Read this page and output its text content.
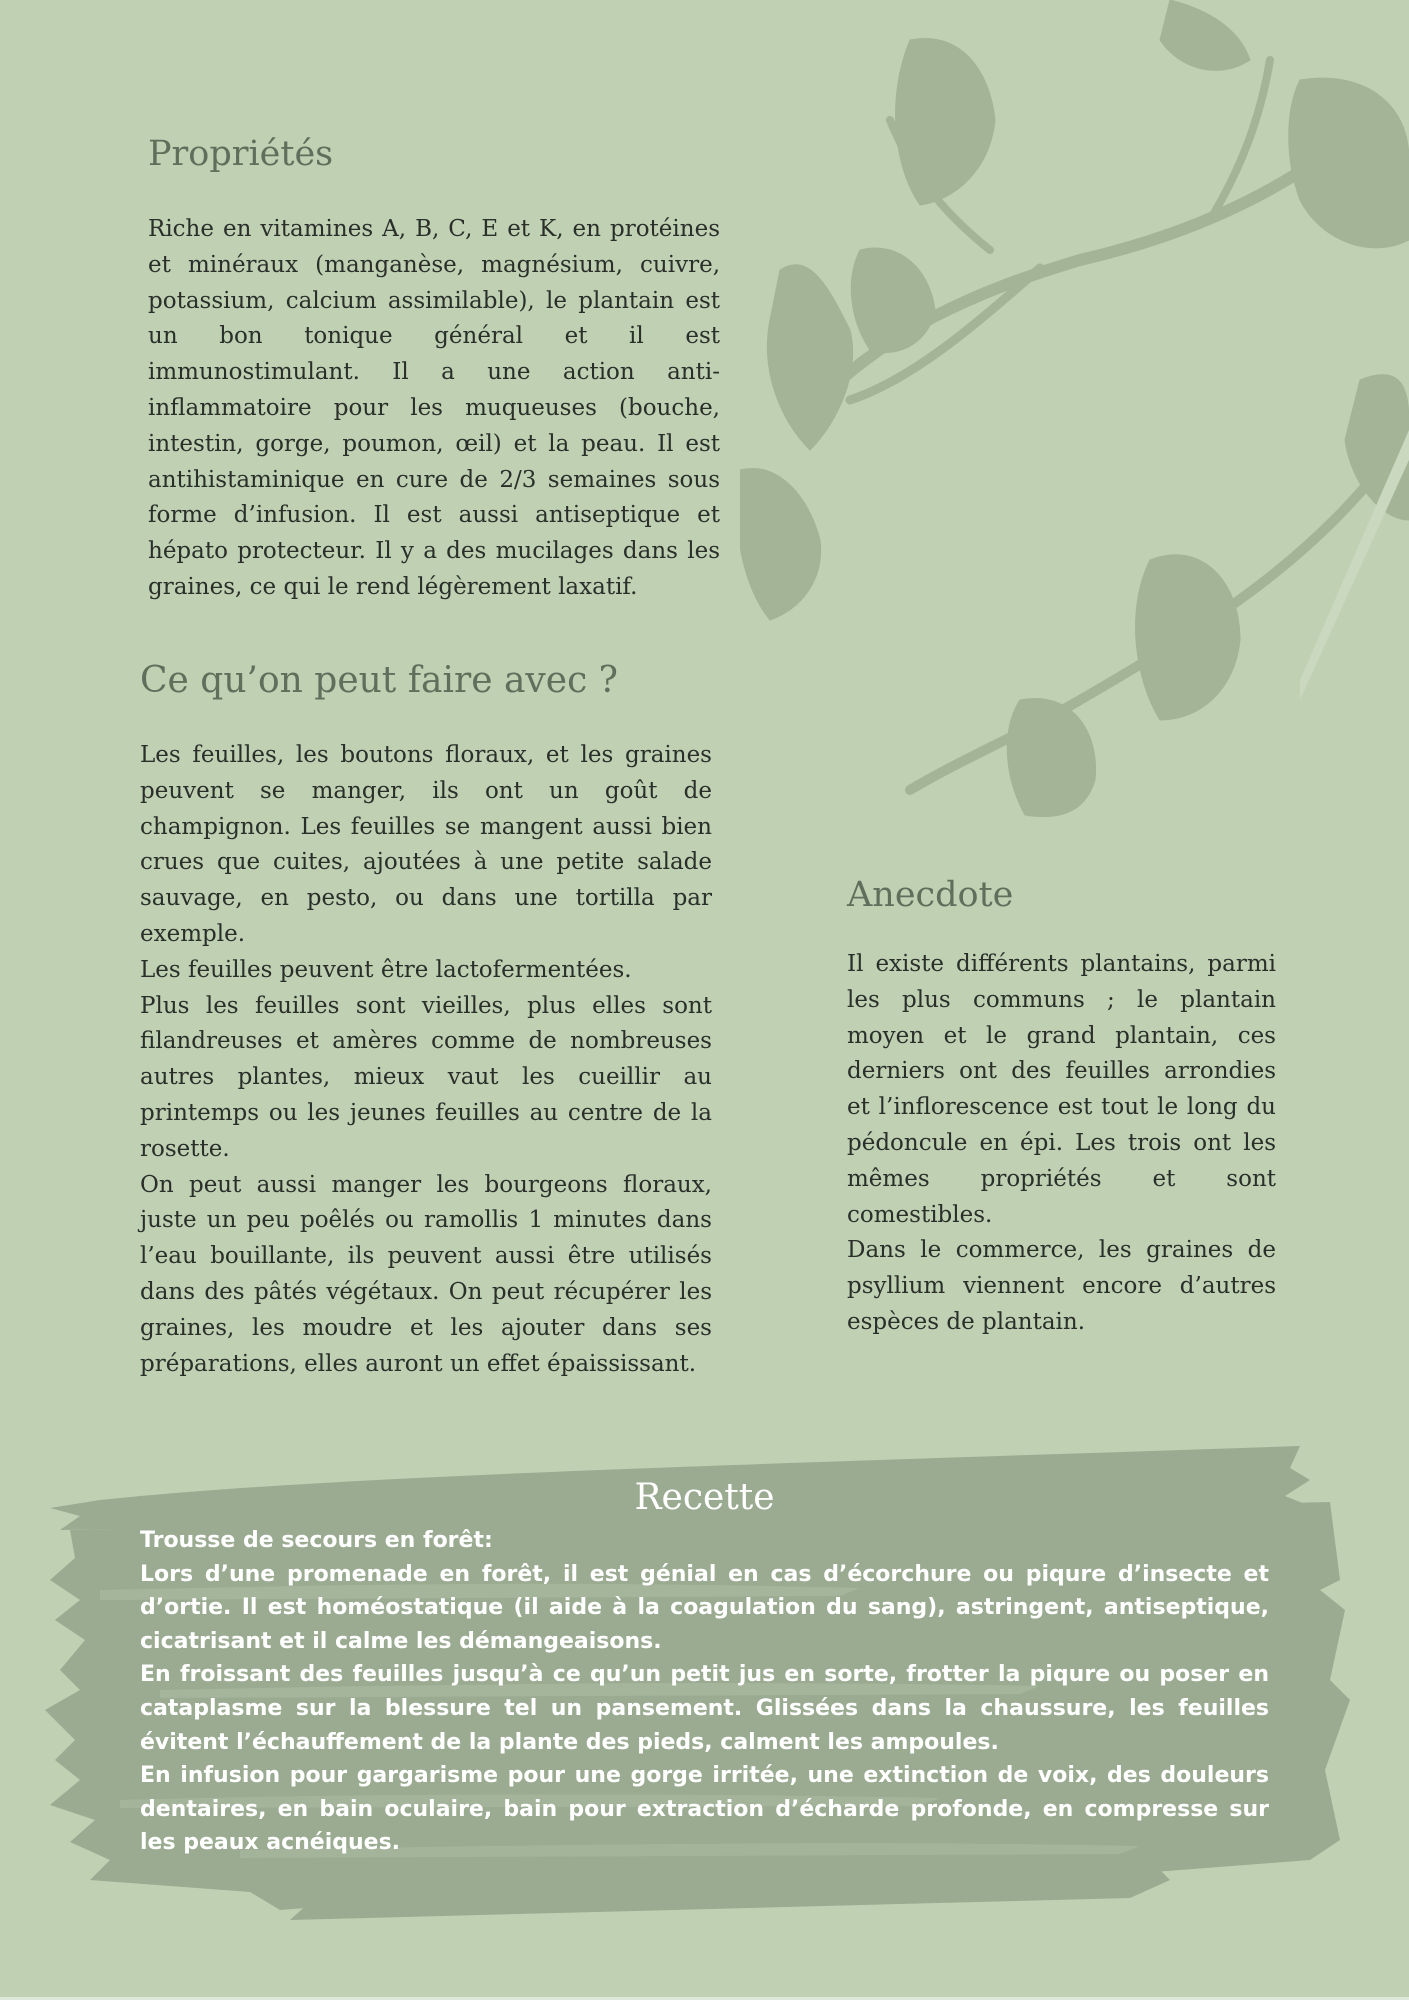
Propriétés

Riche en vitamines A, B, C, E et K, en protéines et minéraux (manganèse, magnésium, cuivre, potassium, calcium assimilable), le plantain est un bon tonique général et il est immunostimulant. Il a une action anti-inflammatoire pour les muqueuses (bouche, intestin, gorge, poumon, œil) et la peau. Il est antihistaminique en cure de 2/3 semaines sous forme d’infusion. Il est aussi antiseptique et hépato protecteur. Il y a des mucilages dans les graines, ce qui le rend légèrement laxatif.

Ce qu’on peut faire avec ?
Les feuilles, les boutons floraux, et les graines peuvent se manger, ils ont un goût de champignon. Les feuilles se mangent aussi bien crues que cuites, ajoutées à une petite salade sauvage, en pesto, ou dans une tortilla par exemple.
Les feuilles peuvent être lactofermentées.
Plus les feuilles sont vieilles, plus elles sont filandreuses et amères comme de nombreuses autres plantes, mieux vaut les cueillir au printemps ou les jeunes feuilles au centre de la rosette.
On peut aussi manger les bourgeons floraux, juste un peu poêlés ou ramollis 1 minutes dans l’eau bouillante, ils peuvent aussi être utilisés dans des pâtés végétaux. On peut récupérer les graines, les moudre et les ajouter dans ses préparations, elles auront un effet épaississant.
Anecdote
Il existe différents plantains, parmi les plus communs ; le plantain moyen et le grand plantain, ces derniers ont des feuilles arrondies et l’inflorescence est tout le long du pédoncule en épi. Les trois ont les mêmes propriétés et sont comestibles.
Dans le commerce, les graines de psyllium viennent encore d’autres espèces de plantain.
Recette
Trousse de secours en forêt:
Lors d’une promenade en forêt, il est génial en cas d’écorchure ou piqure d’insecte et d’ortie. Il est homéostatique (il aide à la coagulation du sang), astringent, antiseptique, cicatrisant et il calme les démangeaisons.
En froissant des feuilles jusqu’à ce qu’un petit jus en sorte, frotter la piqure ou poser en cataplasme sur la blessure tel un pansement. Glissées dans la chaussure, les feuilles évitent l’échauffement de la plante des pieds, calment les ampoules.
En infusion pour gargarisme pour une gorge irritée, une extinction de voix, des douleurs dentaires, en bain oculaire, bain pour extraction d’écharde profonde, en compresse sur les peaux acnéiques.
